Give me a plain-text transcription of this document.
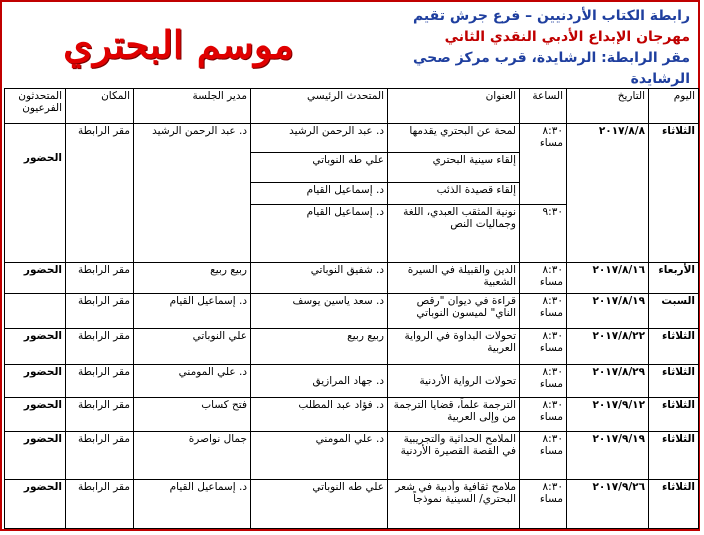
موسم البحتري
رابطة الكتاب الأردنيين – فرع جرش تقيم
مهرجان الإبداع الأدبي النقدي الثاني
مقر الرابطة: الرشايدة، قرب مركز صحي الرشايدة
اليوم	التاريخ	الساعة	العنوان	المتحدث الرئيسي	مدير الجلسة	المكان	المتحدثون الفرعيون
الثلاثاء	٢٠١٧/٨/٨	٨:٣٠ مساء	لمحة عن البحتري يقدمها	د. عبد الرحمن الرشيد	د. عبد الرحمن الرشيد	مقر الرابطة	الحضور
			إلقاء سينية البحتري	علي طه النوباتي			
			إلقاء قصيدة الذئب	د. إسماعيل القيام			
		٩:٣٠	نونية المثقب العبدي، اللغة وجماليات النص	د. إسماعيل القيام			
الأربعاء	٢٠١٧/٨/١٦	٨:٣٠ مساء	الدين والقبيلة في السيرة الشعبية	د. شفيق النوباتي	ربيع ربيع	مقر الرابطة	الحضور
السبت	٢٠١٧/٨/١٩	٨:٣٠ مساء	قراءة في ديوان "رقص الناي" لميسون النوباتي	د. سعد ياسين يوسف	د. إسماعيل القيام	مقر الرابطة	
الثلاثاء	٢٠١٧/٨/٢٢	٨:٣٠ مساء	تحولات البداوة في الرواية العربية	ربيع ربيع	علي النوباتي	مقر الرابطة	الحضور
الثلاثاء	٢٠١٧/٨/٢٩	٨:٣٠ مساء	تحولات الرواية الأردنية	د. جهاد المرازيق	د. علي المومني	مقر الرابطة	الحضور
الثلاثاء	٢٠١٧/٩/١٢	٨:٣٠ مساء	الترجمة علماً، قضايا الترجمة من وإلى العربية	د. فؤاد عبد المطلب	فتح كساب	مقر الرابطة	الحضور
الثلاثاء	٢٠١٧/٩/١٩	٨:٣٠ مساء	الملامح الحداثية والتجريبية في القصة القصيرة الأردنية	د. علي المومني	جمال نواصرة	مقر الرابطة	الحضور
الثلاثاء	٢٠١٧/٩/٢٦	٨:٣٠ مساء	ملامح ثقافية وأدبية في شعر البحتري/ السينية نموذجاً	علي طه النوباتي	د. إسماعيل القيام	مقر الرابطة	الحضور
